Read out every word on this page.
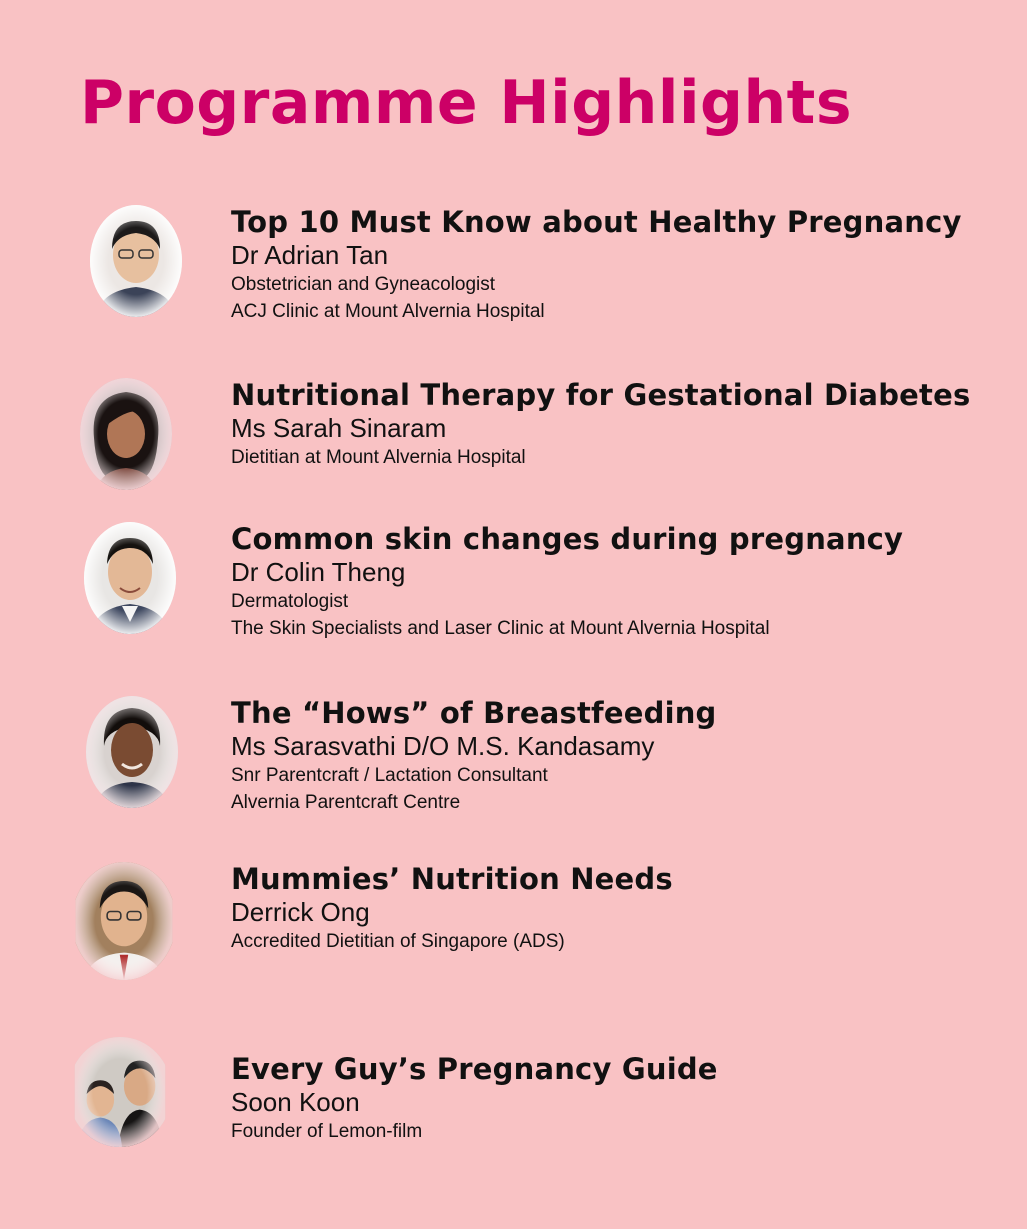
Programme Highlights
Top 10 Must Know about Healthy Pregnancy
Dr Adrian Tan
Obstetrician and Gyneacologist
ACJ Clinic at Mount Alvernia Hospital
Nutritional Therapy for Gestational Diabetes
Ms Sarah Sinaram
Dietitian at Mount Alvernia Hospital
Common skin changes during pregnancy
Dr Colin Theng
Dermatologist
The Skin Specialists and Laser Clinic at Mount Alvernia Hospital
The “Hows” of Breastfeeding
Ms Sarasvathi D/O M.S. Kandasamy
Snr Parentcraft / Lactation Consultant
Alvernia Parentcraft Centre
Mummies’ Nutrition Needs
Derrick Ong
Accredited Dietitian of Singapore (ADS)
Every Guy’s Pregnancy Guide
Soon Koon
Founder of Lemon-film
